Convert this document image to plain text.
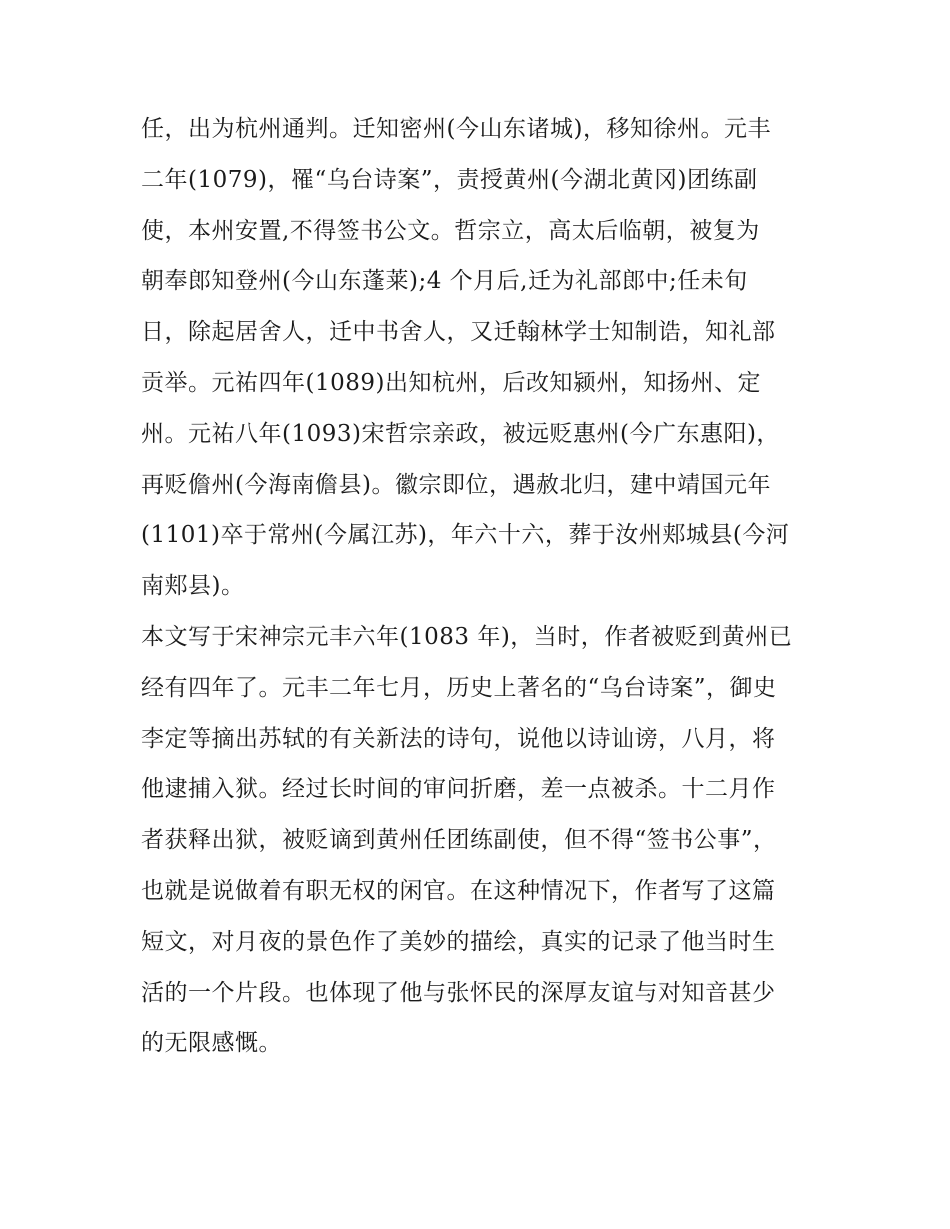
任，出为杭州通判。迁知密州(今山东诸城)，移知徐州。元丰
二年(1079)，罹“乌台诗案”，责授黄州(今湖北黄冈)团练副
使，本州安置,不得签书公文。哲宗立，高太后临朝，被复为
朝奉郎知登州(今山东蓬莱);4 个月后,迁为礼部郎中;任未旬
日，除起居舍人，迁中书舍人，又迁翰林学士知制诰，知礼部
贡举。元祐四年(1089)出知杭州，后改知颍州，知扬州、定
州。元祐八年(1093)宋哲宗亲政，被远贬惠州(今广东惠阳)，
再贬儋州(今海南儋县)。徽宗即位，遇赦北归，建中靖国元年
(1101)卒于常州(今属江苏)，年六十六，葬于汝州郏城县(今河
南郏县)。
本文写于宋神宗元丰六年(1083 年)，当时，作者被贬到黄州已
经有四年了。元丰二年七月，历史上著名的“乌台诗案”，御史
李定等摘出苏轼的有关新法的诗句，说他以诗讪谤，八月，将
他逮捕入狱。经过长时间的审问折磨，差一点被杀。十二月作
者获释出狱，被贬谪到黄州任团练副使，但不得“签书公事”，
也就是说做着有职无权的闲官。在这种情况下，作者写了这篇
短文，对月夜的景色作了美妙的描绘，真实的记录了他当时生
活的一个片段。也体现了他与张怀民的深厚友谊与对知音甚少
的无限感慨。
